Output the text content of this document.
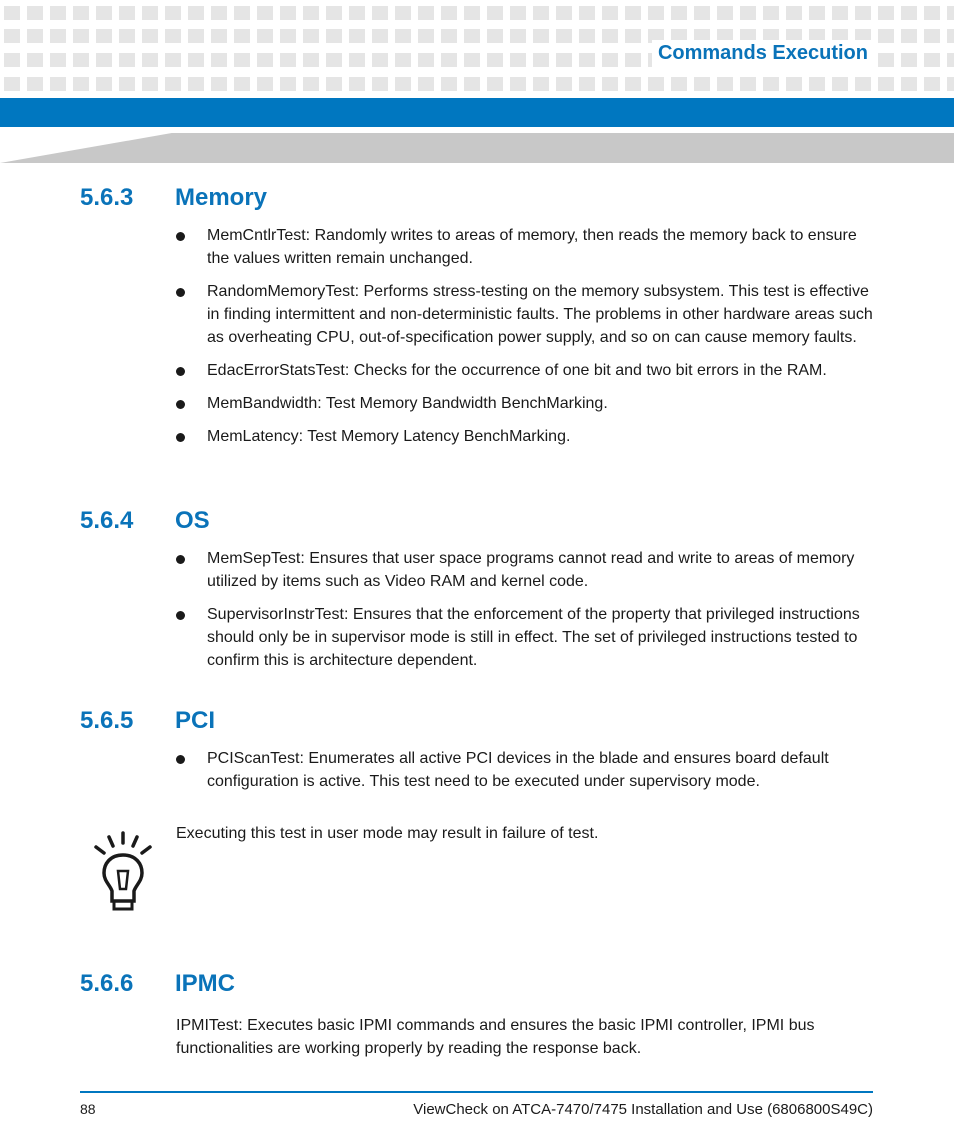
Commands Execution
5.6.3 Memory
MemCntlrTest: Randomly writes to areas of memory, then reads the memory back to ensure the values written remain unchanged.
RandomMemoryTest: Performs stress-testing on the memory subsystem. This test is effective in finding intermittent and non-deterministic faults. The problems in other hardware areas such as overheating CPU, out-of-specification power supply, and so on can cause memory faults.
EdacErrorStatsTest: Checks for the occurrence of one bit and two bit errors in the RAM.
MemBandwidth: Test Memory Bandwidth BenchMarking.
MemLatency: Test Memory Latency BenchMarking.
5.6.4 OS
MemSepTest: Ensures that user space programs cannot read and write to areas of memory utilized by items such as Video RAM and kernel code.
SupervisorInstrTest: Ensures that the enforcement of the property that privileged instructions should only be in supervisor mode is still in effect. The set of privileged instructions tested to confirm this is architecture dependent.
5.6.5 PCI
PCIScanTest: Enumerates all active PCI devices in the blade and ensures board default configuration is active. This test need to be executed under supervisory mode.
Executing this test in user mode may result in failure of test.
5.6.6 IPMC
IPMITest: Executes basic IPMI commands and ensures the basic IPMI controller, IPMI bus functionalities are working properly by reading the response back.
88	ViewCheck on ATCA-7470/7475 Installation and Use (6806800S49C)
